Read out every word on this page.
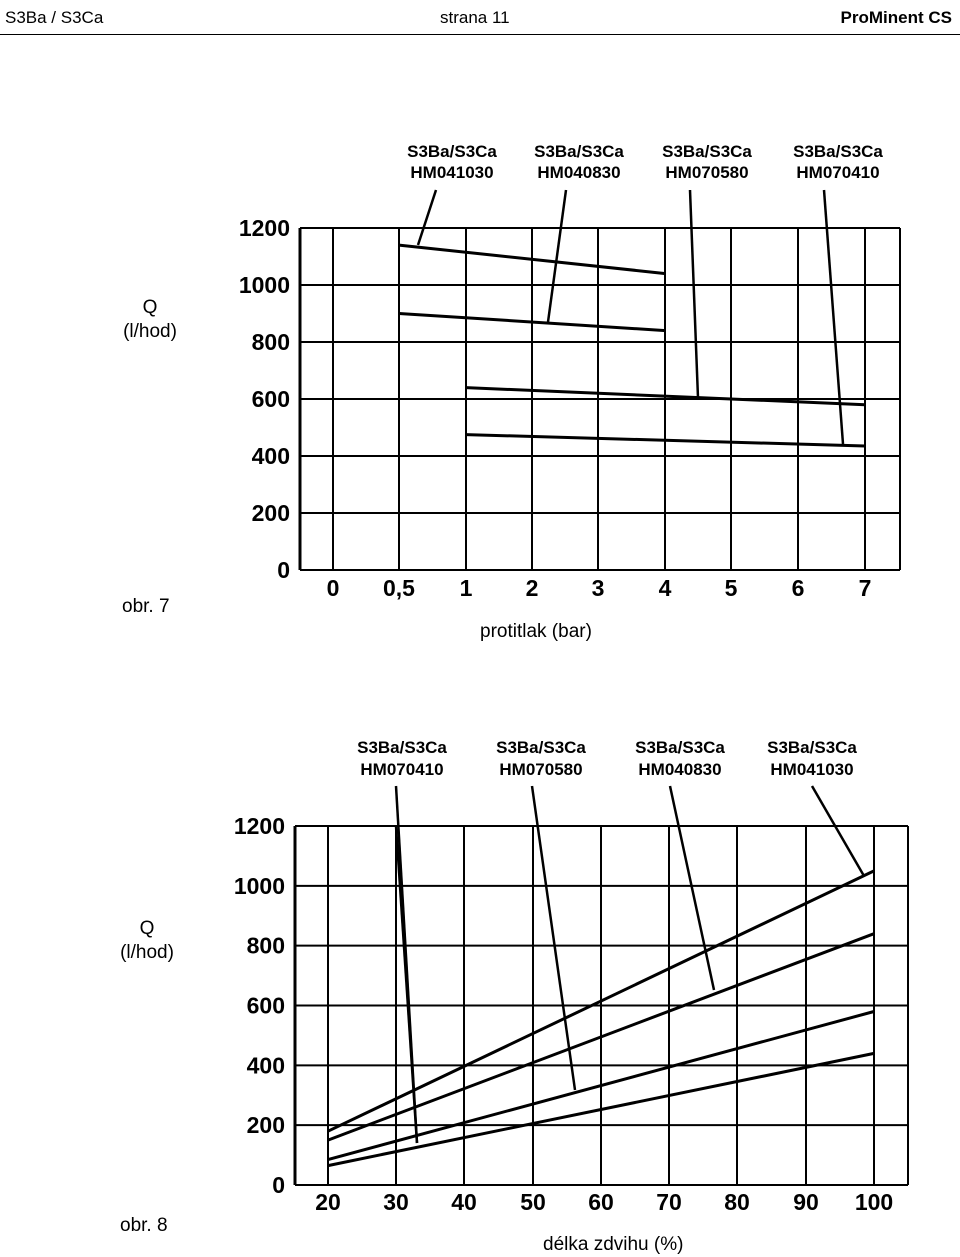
S3Ba / S3Ca	strana 11	ProMinent CS
Q
(l/hod)
obr. 7
protitlak (bar)
Q
(l/hod)
obr. 8
délka zdvihu (%)
1200
1000
800
600
400
200
0
0 0,5 1 2 3 4 5 6 7
S3Ba/S3Ca
HM041030
S3Ba/S3Ca
HM040830
S3Ba/S3Ca
HM070580
S3Ba/S3Ca
HM070410
1200
1000
800
600
400
200
0
20 30 40 50 60 70 80 90 100
S3Ba/S3Ca
HM070410
S3Ba/S3Ca
HM070580
S3Ba/S3Ca
HM040830
S3Ba/S3Ca
HM041030
